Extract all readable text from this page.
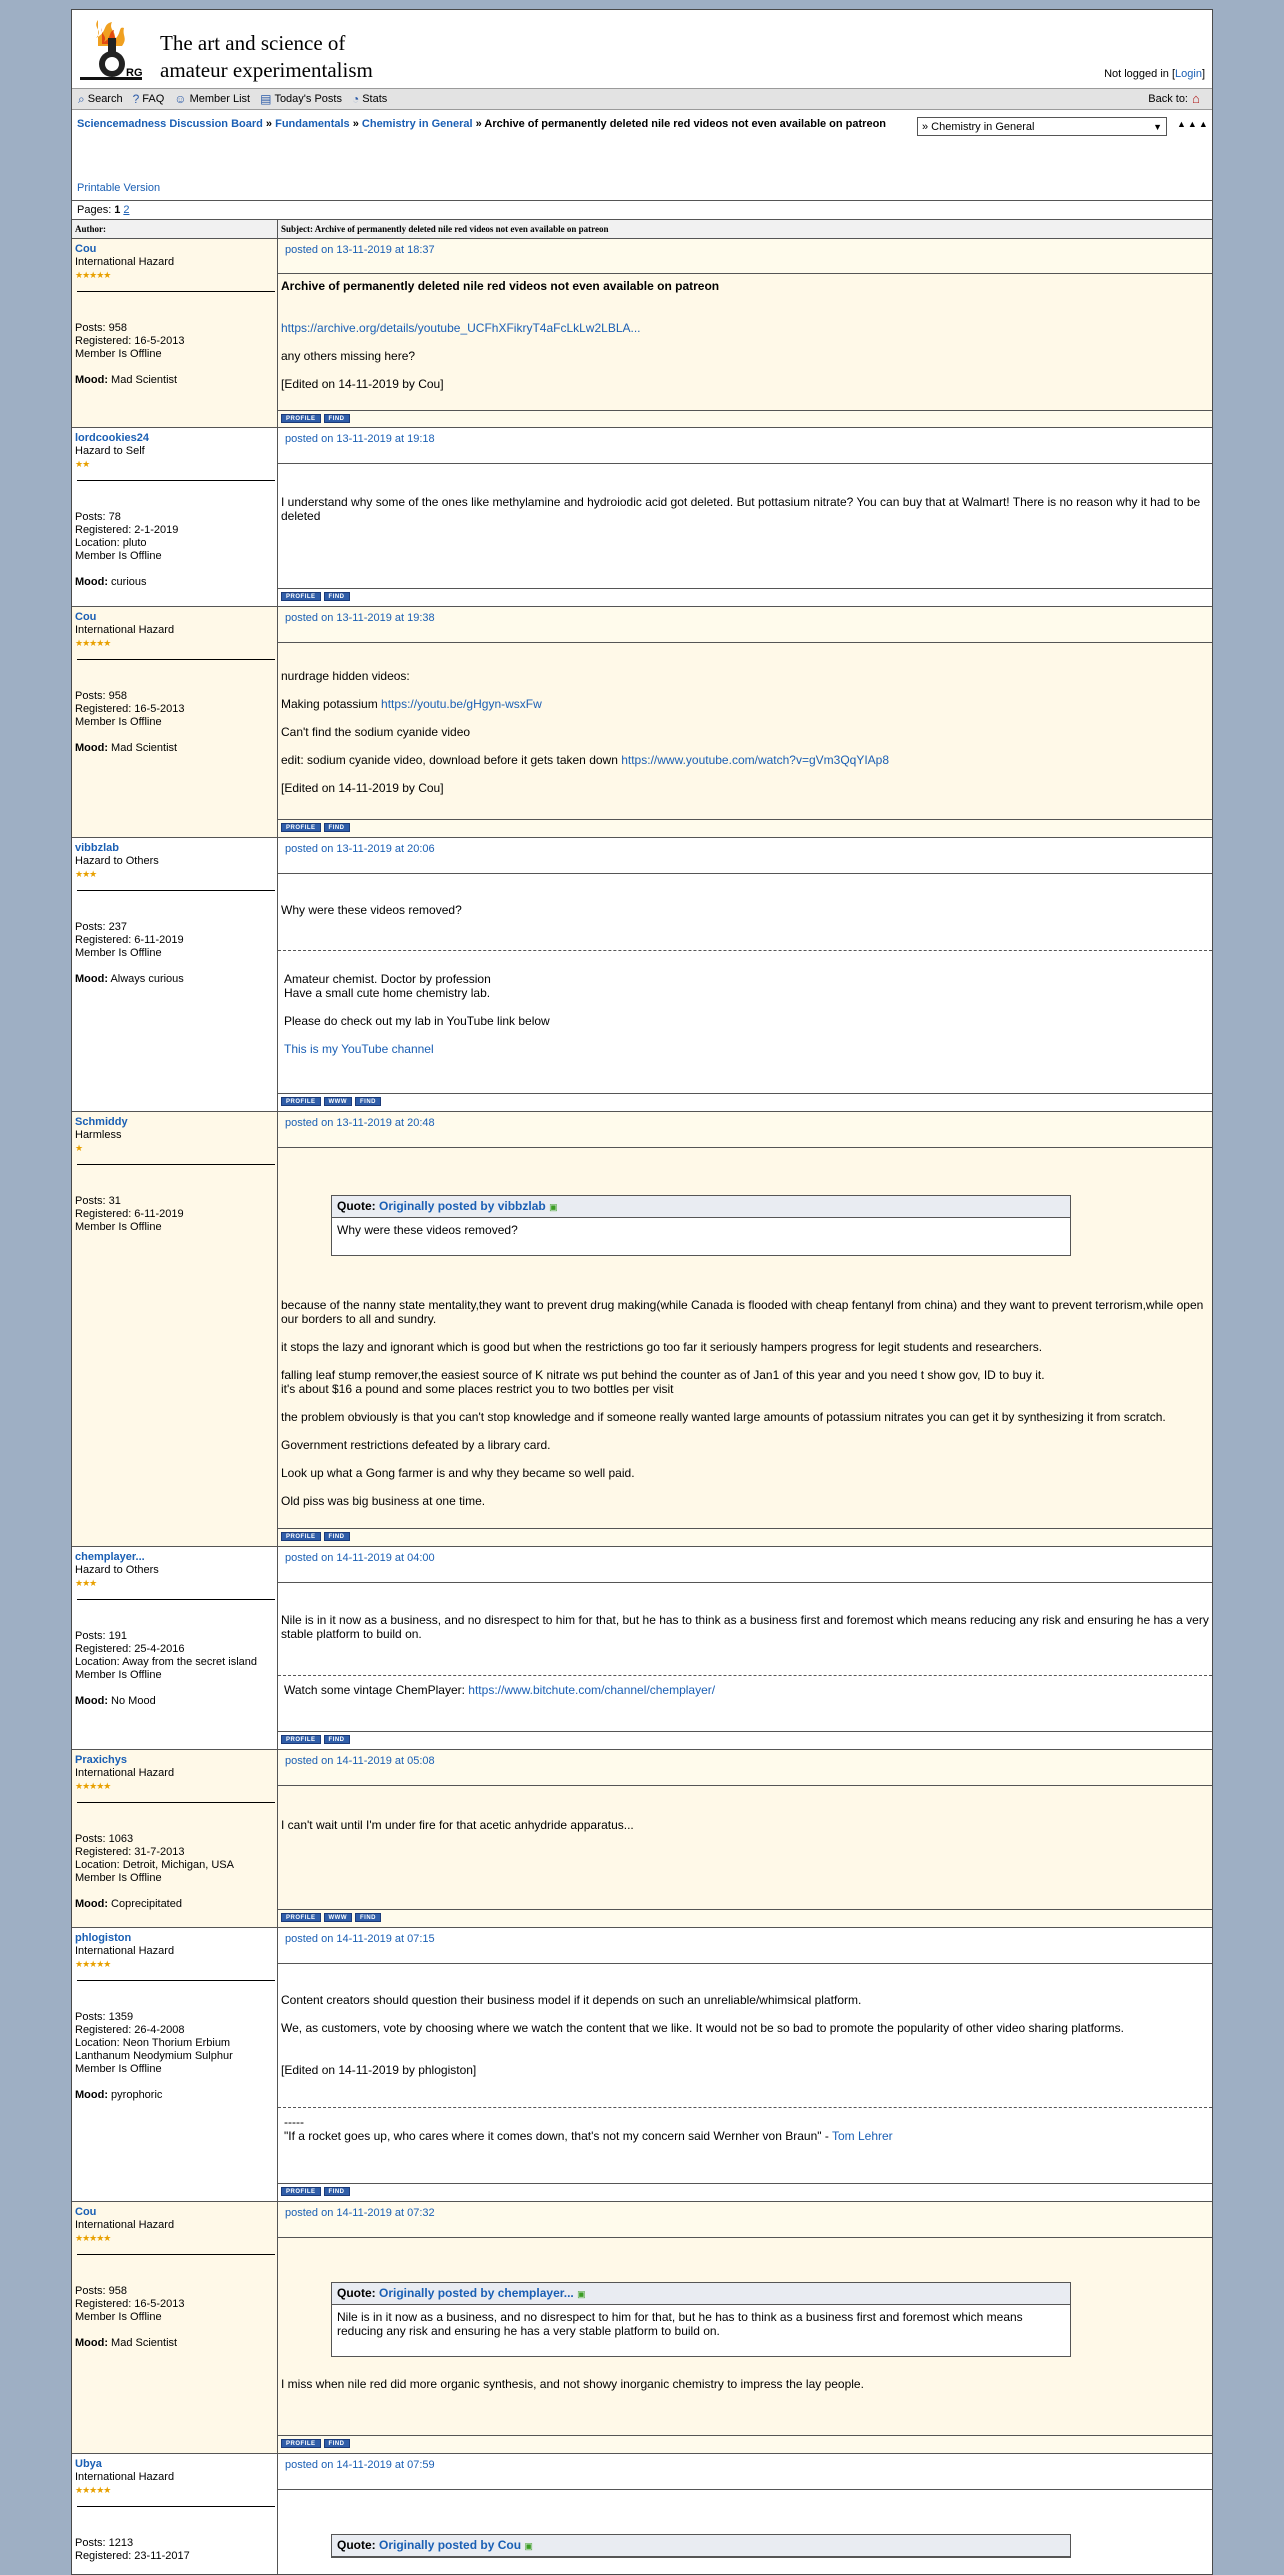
RG
The art and science of
amateur experimentalism	Not logged in [Login]
⌕ Search ? FAQ ☺ Member List ▤ Today's Posts ◔ Stats	Back to: ⌂
Sciencemadness Discussion Board » Fundamentals » Chemistry in General » Archive of permanently deleted nile red videos not even available on patreon	» Chemistry in General	▼ ▲▲▲
Printable Version
Pages: 1 2
Author:	Subject: Archive of permanently deleted nile red videos not even available on patreon
Cou
International Hazard
★★★★★
Posts: 958
Registered: 16-5-2013
Member Is Offline
Mood: Mad Scientist
posted on 13-11-2019 at 18:37

Archive of permanently deleted nile red videos not even available on patreon

https://archive.org/details/youtube_UCFhXFikryT4aFcLkLw2LBLA...

any others missing here?

[Edited on 14-11-2019 by Cou]

PROFILE	FIND
lordcookies24
Hazard to Self
★★
Posts: 78
Registered: 2-1-2019
Location: pluto
Member Is Offline
Mood: curious
posted on 13-11-2019 at 19:18

I understand why some of the ones like methylamine and hydroiodic acid got deleted. But pottasium nitrate? You can buy that at Walmart! There is no reason why it had to be deleted

PROFILE	FIND
Cou
International Hazard
★★★★★
Posts: 958
Registered: 16-5-2013
Member Is Offline
Mood: Mad Scientist
posted on 13-11-2019 at 19:38

nurdrage hidden videos:

Making potassium https://youtu.be/gHgyn-wsxFw

Can't find the sodium cyanide video

edit: sodium cyanide video, download before it gets taken down https://www.youtube.com/watch?v=gVm3QqYIAp8

[Edited on 14-11-2019 by Cou]

PROFILE	FIND
vibbzlab
Hazard to Others
★★★
Posts: 237
Registered: 6-11-2019
Member Is Offline
Mood: Always curious
posted on 13-11-2019 at 20:06

Why were these videos removed?

Amateur chemist. Doctor by profession
Have a small cute home chemistry lab.
Please do check out my lab in YouTube link below
This is my YouTube channel
PROFILE	WWW	FIND
Schmiddy
Harmless
★
Posts: 31
Registered: 6-11-2019
Member Is Offline
posted on 13-11-2019 at 20:48
Quote: Originally posted by vibbzlab ▣
Why were these videos removed?

because of the nanny state mentality,they want to prevent drug making(while Canada is flooded with cheap fentanyl from china) and they want to prevent terrorism,while open our borders to all and sundry.

it stops the lazy and ignorant which is good but when the restrictions go too far it seriously hampers progress for legit students and researchers.

falling leaf stump remover,the easiest source of K nitrate ws put behind the counter as of Jan1 of this year and you need t show gov, ID to buy it.

it's about $16 a pound and some places restrict you to two bottles per visit

the problem obviously is that you can't stop knowledge and if someone really wanted large amounts of potassium nitrates you can get it by synthesizing it from scratch.

Government restrictions defeated by a library card.

Look up what a Gong farmer is and why they became so well paid.

Old piss was big business at one time.

PROFILE	FIND
chemplayer...
Hazard to Others
★★★
Posts: 191
Registered: 25-4-2016
Location: Away from the secret island
Member Is Offline
Mood: No Mood
posted on 14-11-2019 at 04:00

Nile is in it now as a business, and no disrespect to him for that, but he has to think as a business first and foremost which means reducing any risk and ensuring he has a very stable platform to build on.

Watch some vintage ChemPlayer: https://www.bitchute.com/channel/chemplayer/
PROFILE	FIND
Praxichys
International Hazard
★★★★★
Posts: 1063
Registered: 31-7-2013
Location: Detroit, Michigan, USA
Member Is Offline
Mood: Coprecipitated
posted on 14-11-2019 at 05:08

I can't wait until I'm under fire for that acetic anhydride apparatus...

PROFILE	WWW	FIND
phlogiston
International Hazard
★★★★★
Posts: 1359
Registered: 26-4-2008
Location: Neon Thorium Erbium
Lanthanum Neodymium Sulphur
Member Is Offline
Mood: pyrophoric
posted on 14-11-2019 at 07:15

Content creators should question their business model if it depends on such an unreliable/whimsical platform.

We, as customers, vote by choosing where we watch the content that we like. It would not be so bad to promote the popularity of other video sharing platforms.

[Edited on 14-11-2019 by phlogiston]

-----
"If a rocket goes up, who cares where it comes down, that's not my concern said Wernher von Braun" - Tom Lehrer
PROFILE	FIND
Cou
International Hazard
★★★★★
Posts: 958
Registered: 16-5-2013
Member Is Offline
Mood: Mad Scientist
posted on 14-11-2019 at 07:32
Quote: Originally posted by chemplayer... ▣
Nile is in it now as a business, and no disrespect to him for that, but he has to think as a business first and foremost which means reducing any risk and ensuring he has a very stable platform to build on.

I miss when nile red did more organic synthesis, and not showy inorganic chemistry to impress the lay people.

PROFILE	FIND
Ubya
International Hazard
★★★★★
Posts: 1213
Registered: 23-11-2017
posted on 14-11-2019 at 07:59
Quote: Originally posted by Cou ▣
